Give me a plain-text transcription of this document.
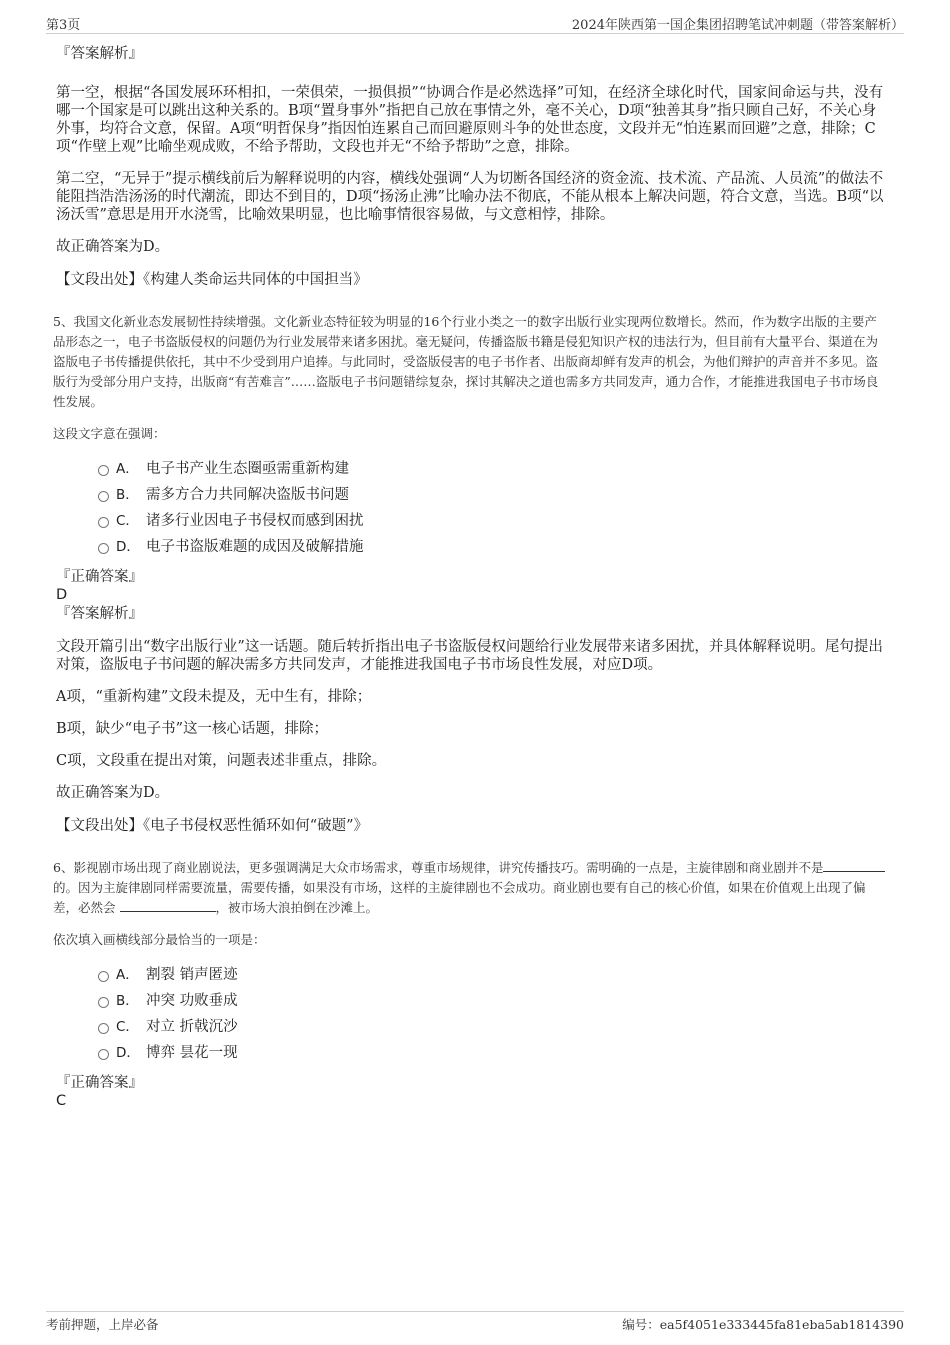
第3页	2024年陕西第一国企集团招聘笔试冲刺题（带答案解析）
『答案解析』

第一空，根据“各国发展环环相扣，一荣俱荣，一损俱损”“协调合作是必然选择”可知，在经济全球化时代，国家间命运与共，没有哪一个国家是可以跳出这种关系的。B项“置身事外”指把自己放在事情之外，毫不关心，D项“独善其身”指只顾自己好，不关心身外事，均符合文意，保留。A项“明哲保身”指因怕连累自己而回避原则斗争的处世态度，文段并无“怕连累而回避”之意，排除；C项“作壁上观”比喻坐观成败，不给予帮助，文段也并无“不给予帮助”之意，排除。

第二空，“无异于”提示横线前后为解释说明的内容，横线处强调“人为切断各国经济的资金流、技术流、产品流、人员流”的做法不能阻挡浩浩汤汤的时代潮流，即达不到目的，D项“扬汤止沸”比喻办法不彻底，不能从根本上解决问题，符合文意，当选。B项“以汤沃雪”意思是用开水浇雪，比喻效果明显，也比喻事情很容易做，与文意相悖，排除。

故正确答案为D。

【文段出处】《构建人类命运共同体的中国担当》

5、我国文化新业态发展韧性持续增强。文化新业态特征较为明显的16个行业小类之一的数字出版行业实现两位数增长。然而，作为数字出版的主要产品形态之一，电子书盗版侵权的问题仍为行业发展带来诸多困扰。毫无疑问，传播盗版书籍是侵犯知识产权的违法行为，但目前有大量平台、渠道在为盗版电子书传播提供依托，其中不少受到用户追捧。与此同时，受盗版侵害的电子书作者、出版商却鲜有发声的机会，为他们辩护的声音并不多见。盗版行为受部分用户支持，出版商“有苦难言”……盗版电子书问题错综复杂，探讨其解决之道也需多方共同发声，通力合作，才能推进我国电子书市场良性发展。

这段文字意在强调：

A． 电子书产业生态圈亟需重新构建
B． 需多方合力共同解决盗版书问题
C． 诸多行业因电子书侵权而感到困扰
D． 电子书盗版难题的成因及破解措施
『正确答案』
D
『答案解析』

文段开篇引出“数字出版行业”这一话题。随后转折指出电子书盗版侵权问题给行业发展带来诸多困扰，并具体解释说明。尾句提出对策，盗版电子书问题的解决需多方共同发声，才能推进我国电子书市场良性发展，对应D项。

A项，“重新构建”文段未提及，无中生有，排除；

B项，缺少“电子书”这一核心话题，排除；

C项，文段重在提出对策，问题表述非重点，排除。

故正确答案为D。

【文段出处】《电子书侵权恶性循环如何“破题”》

6、影视剧市场出现了商业剧说法，更多强调满足大众市场需求，尊重市场规律，讲究传播技巧。需明确的一点是，主旋律剧和商业剧并不是的。因为主旋律剧同样需要流量，需要传播，如果没有市场，这样的主旋律剧也不会成功。商业剧也要有自己的核心价值，如果在价值观上出现了偏差，必然会	，被市场大浪拍倒在沙滩上。

依次填入画横线部分最恰当的一项是：

A． 割裂 销声匿迹
B． 冲突 功败垂成
C． 对立 折戟沉沙
D． 博弈 昙花一现
『正确答案』
C
考前押题，上岸必备	编号：ea5f4051e333445fa81eba5ab1814390
